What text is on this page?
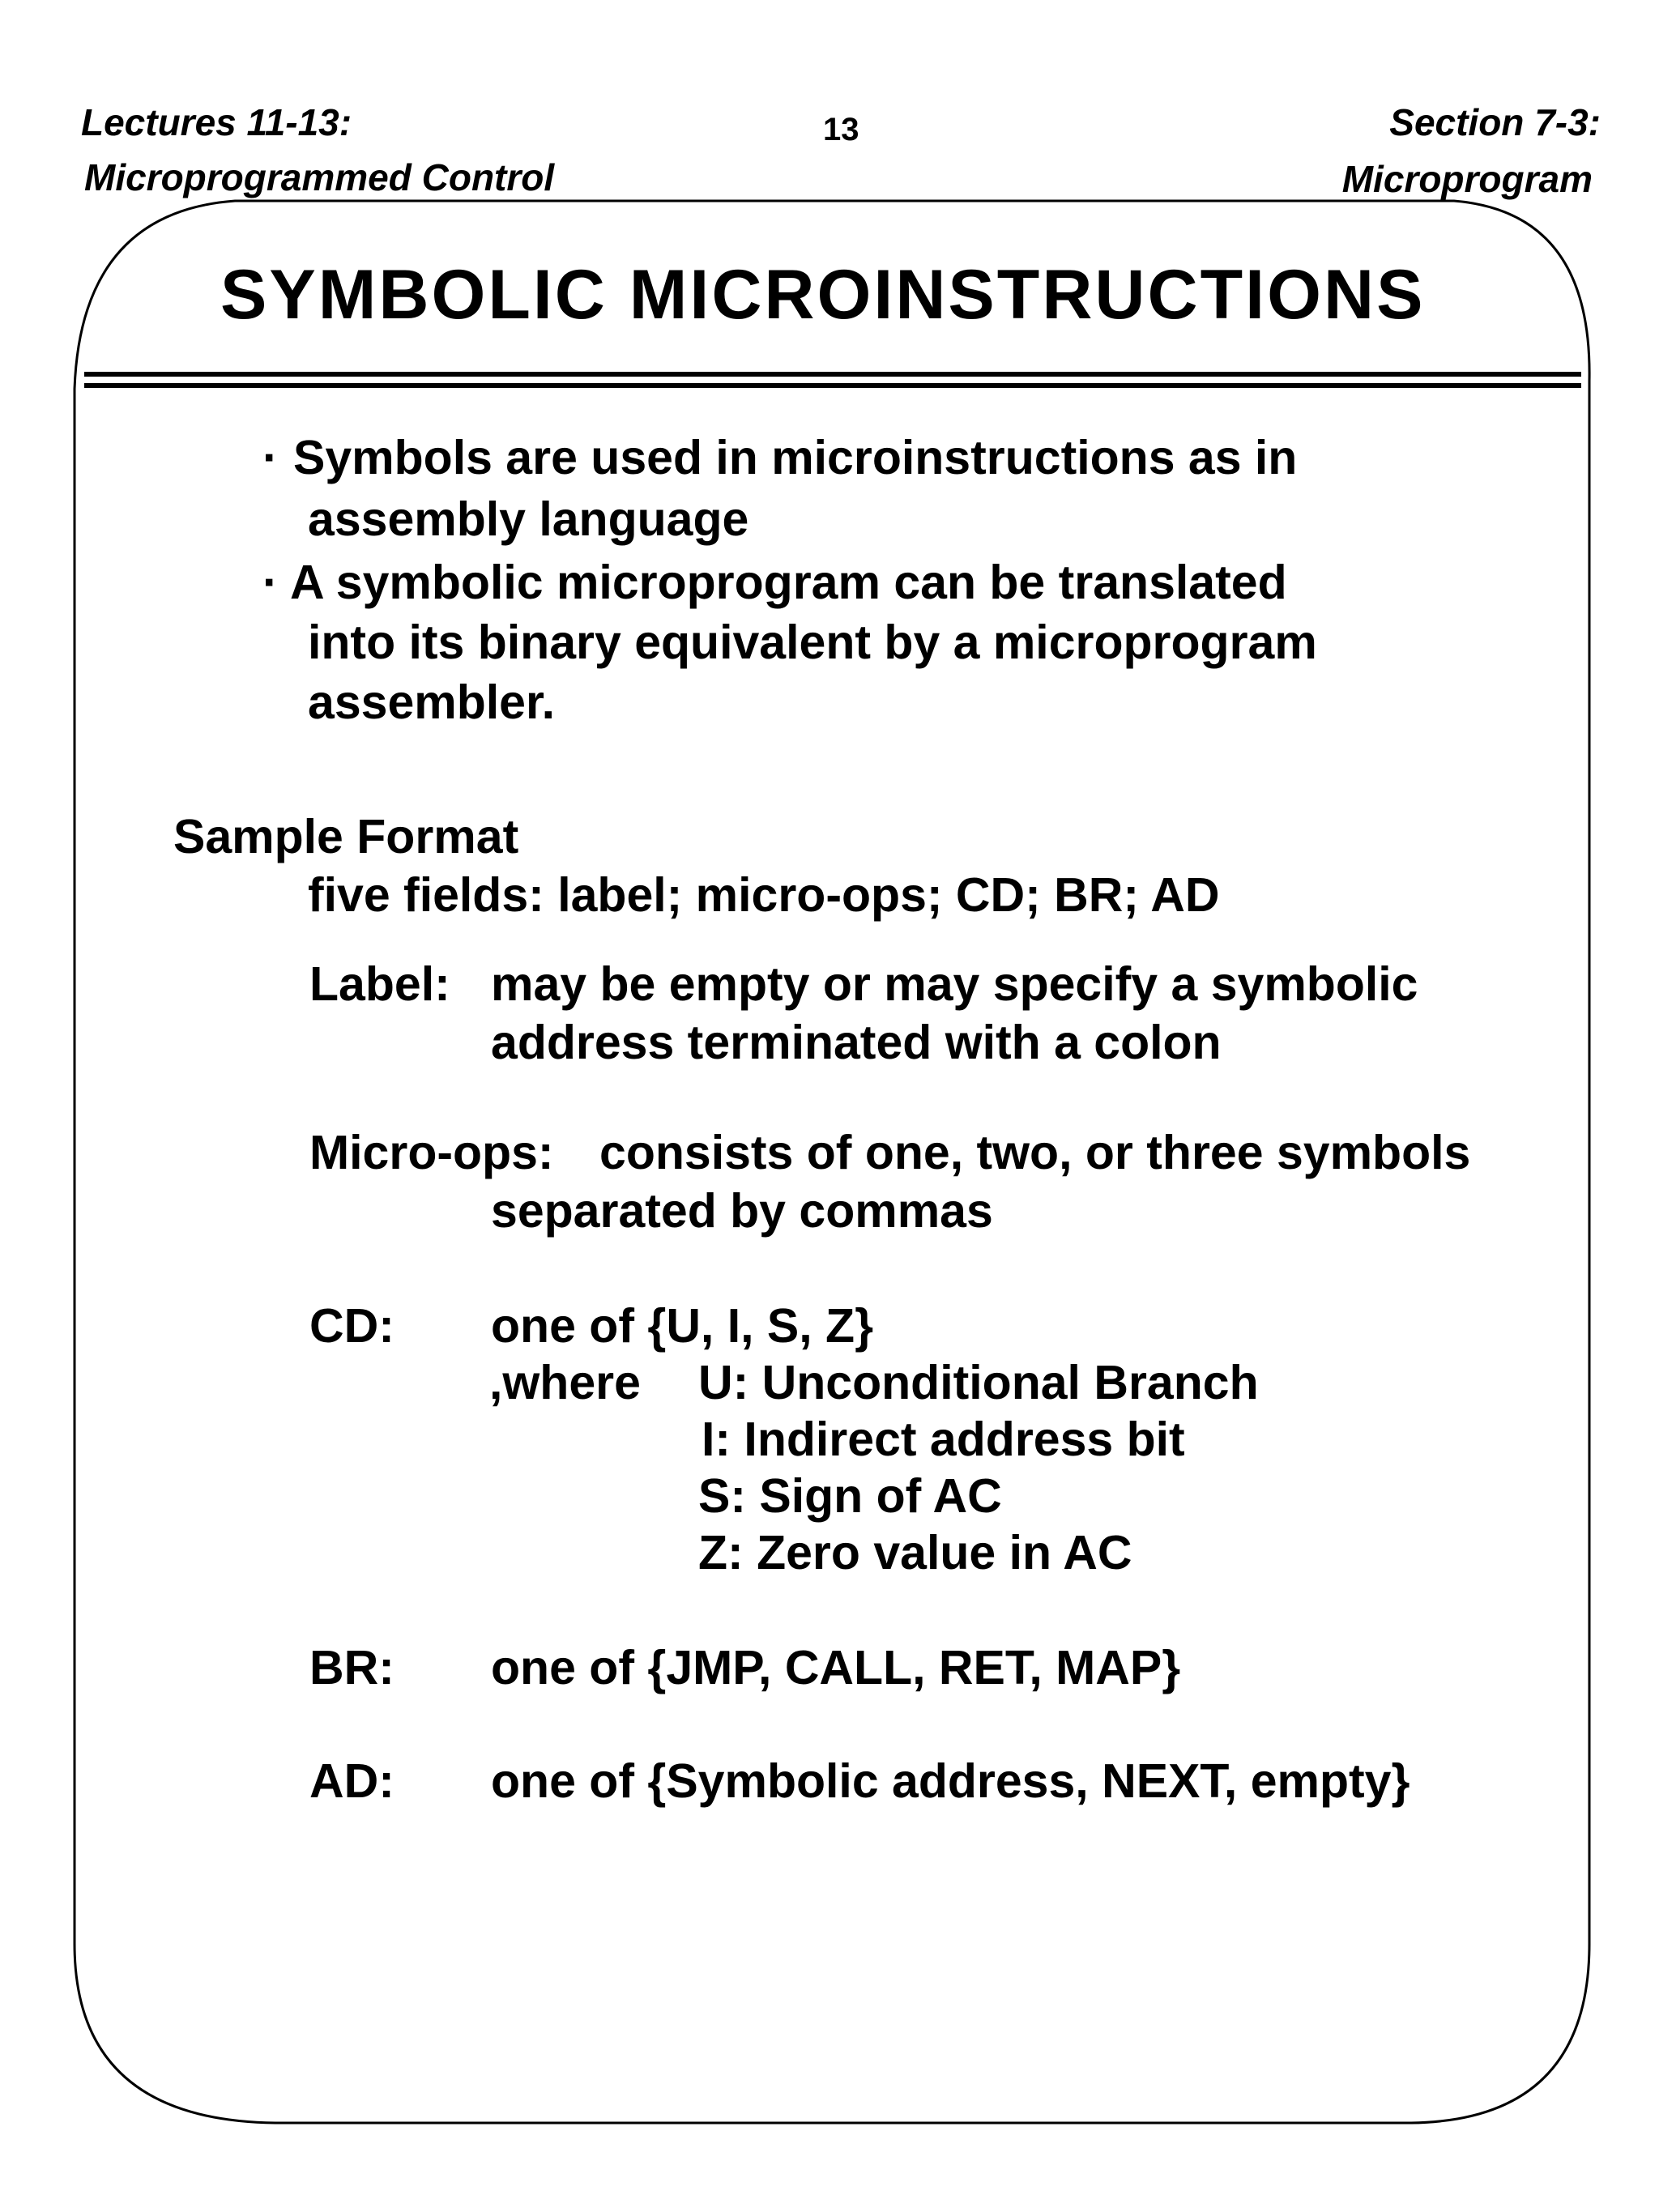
Lectures 11-13:
Microprogrammed Control
13	Section 7-3:
Microprogram
SYMBOLIC MICROINSTRUCTIONS
· Symbols are used in microinstructions as in
assembly language
· A symbolic microprogram can be translated
into its binary equivalent by a microprogram
assembler.
Sample Format
five fields: label; micro-ops; CD; BR; AD
Label: may be empty or may specify a symbolic
address terminated with a colon
Micro-ops: consists of one, two, or three symbols
separated by commas
CD: one of {U, I, S, Z}
,where U: Unconditional Branch
I: Indirect address bit
S: Sign of AC
Z: Zero value in AC
BR: one of {JMP, CALL, RET, MAP}
AD: one of {Symbolic address, NEXT, empty}
